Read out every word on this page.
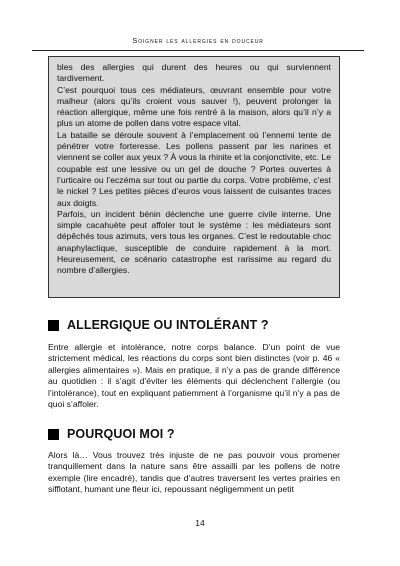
Soigner les allergies en douceur

bles des allergies qui durent des heures ou qui surviennent tardivement.

C’est pourquoi tous ces médiateurs, œuvrant ensemble pour votre malheur (alors qu’ils croient vous sauver !), peuvent prolonger la réaction allergique, même une fois rentré à la maison, alors qu’il n’y a plus un atome de pollen dans votre espace vital.

La bataille se déroule souvent à l’emplacement où l’ennemi tente de pénétrer votre forteresse. Les pollens passent par les narines et viennent se coller aux yeux ? À vous la rhinite et la conjonctivite, etc. Le coupable est une lessive ou un gel de douche ? Portes ouvertes à l’urticaire ou l’eczéma sur tout ou partie du corps. Votre problème, c’est le nickel ? Les petites pièces d’euros vous laissent de cuisantes traces aux doigts.

Parfois, un incident bénin déclenche une guerre civile interne. Une simple cacahuète peut affoler tout le système : les médiateurs sont dépêchés tous azimuts, vers tous les organes. C’est le redoutable choc anaphylactique, susceptible de conduire rapidement à la mort. Heureusement, ce scénario catastrophe est rarissime au regard du nombre d’allergies.

ALLERGIQUE OU INTOLÉRANT ?

Entre allergie et intolérance, notre corps balance. D’un point de vue strictement médical, les réactions du corps sont bien distinctes (voir p. 46 « allergies alimentaires »). Mais en pratique, il n’y a pas de grande différence au quotidien : il s’agit d’éviter les éléments qui déclenchent l’allergie (ou l’intolérance), tout en expliquant patiemment à l’organisme qu’il n’y a pas de quoi s’affoler.

POURQUOI MOI ?

Alors là… Vous trouvez très injuste de ne pas pouvoir vous promener tranquillement dans la nature sans être assailli par les pollens de notre exemple (lire encadré), tandis que d’autres traversent les vertes prairies en sifflotant, humant une fleur ici, repoussant négligemment un petit

14
